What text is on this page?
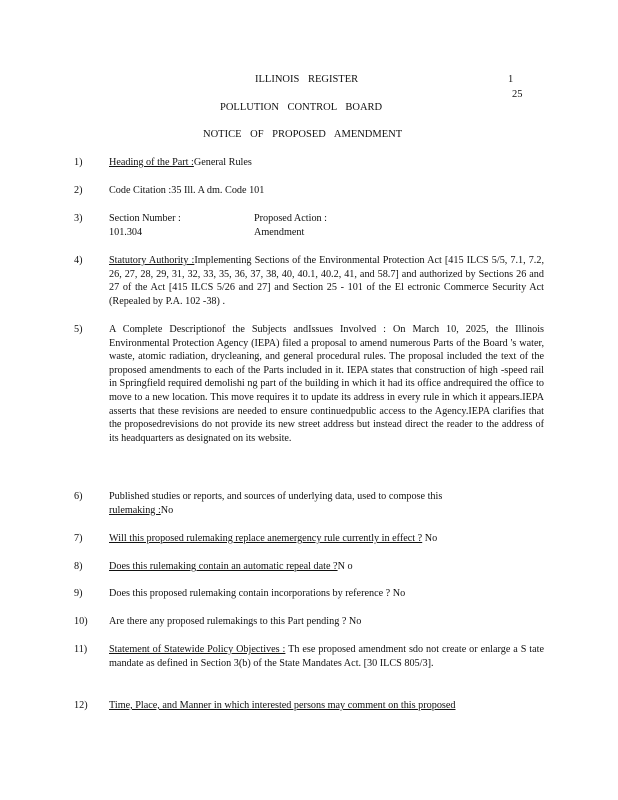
ILLINOIS REGISTER	1
25
POLLUTION CONTROL BOARD
NOTICE OF PROPOSED AMENDMENT
1)	Heading of the Part :General Rules
2)	Code Citation :35 Ill. A dm. Code 101
3)	Section Number :
101.304
Proposed Action :
Amendment
4)	Statutory Authority :Implementing Sections of the Environmental Protection Act [415 ILCS 5/5, 7.1, 7.2, 26, 27, 28, 29, 31, 32, 33, 35, 36, 37, 38, 40, 40.1, 40.2, 41, and 58.7] and authorized by Sections 26 and 27 of the Act [415 ILCS 5/26 and 27] and Section 25 - 101 of the El ectronic Commerce Security Act (Repealed by P.A. 102 -38) .
5)	A Complete Descriptionof the Subjects andIssues Involved : On March 10, 2025, the Illinois Environmental Protection Agency (IEPA) filed a proposal to amend numerous Parts of the Board 's water, waste, atomic radiation, drycleaning, and general procedural rules. The proposal included the text of the proposed amendments to each of the Parts included in it. IEPA states that construction of high -speed rail in Springfield required demolishi ng part of the building in which it had its office andrequired the office to move to a new location. This move requires it to update its address in every rule in which it appears.IEPA asserts that these revisions are needed to ensure continuedpublic access to the Agency.IEPA clarifies that the proposedrevisions do not provide its new street address but instead direct the reader to the address of its headquarters as designated on its website.
6)	Published studies or reports, and sources of underlying data, used to compose this
rulemaking :No
7)	Will this proposed rulemaking replace anemergency rule currently in effect ? No
8)	Does this rulemaking contain an automatic repeal date ?N o
9)	Does this proposed rulemaking contain incorporations by reference ? No
10)	Are there any proposed rulemakings to this Part pending ? No
11)	Statement of Statewide Policy Objectives : Th ese proposed amendment sdo not create or enlarge a S tate mandate as defined in Section 3(b) of the State Mandates Act. [30 ILCS 805/3].
12)	Time, Place, and Manner in which interested persons may comment on this proposed
